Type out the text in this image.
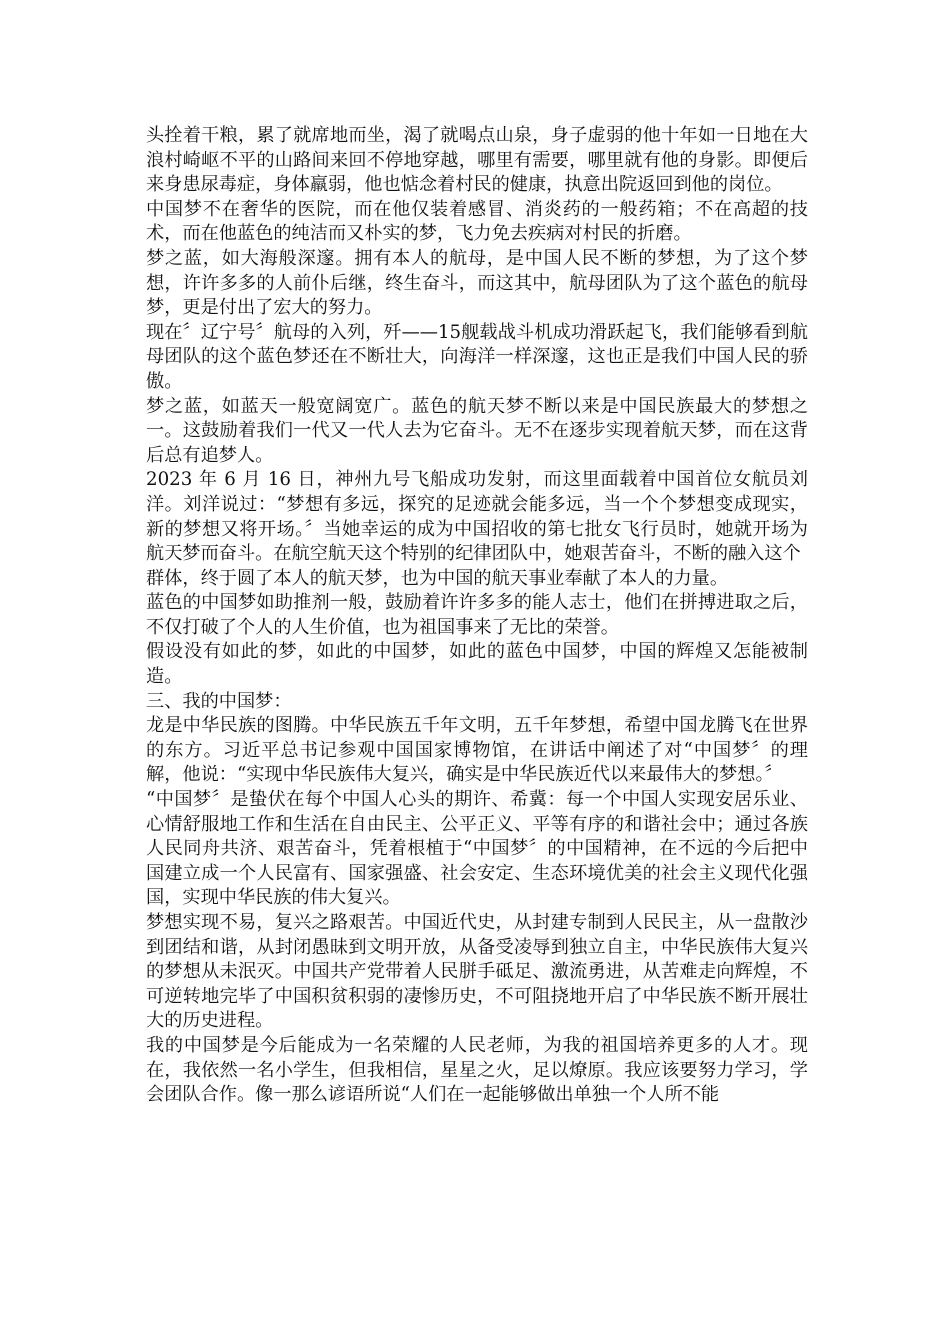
头拴着干粮，累了就席地而坐，渴了就喝点山泉，身子虚弱的他十年如一日地在大浪村崎岖不平的山路间来回不停地穿越，哪里有需要，哪里就有他的身影。即便后来身患尿毒症，身体羸弱，他也惦念着村民的健康，执意出院返回到他的岗位。

中国梦不在奢华的医院，而在他仅装着感冒、消炎药的一般药箱；不在高超的技术，而在他蓝色的纯洁而又朴实的梦，飞力免去疾病对村民的折磨。

梦之蓝，如大海般深邃。拥有本人的航母，是中国人民不断的梦想，为了这个梦想，许许多多的人前仆后继，终生奋斗，而这其中，航母团队为了这个蓝色的航母梦，更是付出了宏大的努力。

现在〞辽宁号〞航母的入列，歼——15舰载战斗机成功滑跃起飞，我们能够看到航母团队的这个蓝色梦还在不断壮大，向海洋一样深邃，这也正是我们中国人民的骄傲。

梦之蓝，如蓝天一般宽阔宽广。蓝色的航天梦不断以来是中国民族最大的梦想之一。这鼓励着我们一代又一代人去为它奋斗。无不在逐步实现着航天梦，而在这背后总有追梦人。

2023 年 6 月 16 日，神州九号飞船成功发射，而这里面载着中国首位女航员刘洋。刘洋说过：“梦想有多远，探究的足迹就会能多远，当一个个梦想变成现实，新的梦想又将开场。〞当她幸运的成为中国招收的第七批女飞行员时，她就开场为航天梦而奋斗。在航空航天这个特别的纪律团队中，她艰苦奋斗，不断的融入这个

群体，终于圆了本人的航天梦，也为中国的航天事业奉献了本人的力量。

蓝色的中国梦如助推剂一般，鼓励着许许多多的能人志士，他们在拼搏进取之后，不仅打破了个人的人生价值，也为祖国事来了无比的荣誉。

假设没有如此的梦，如此的中国梦，如此的蓝色中国梦，中国的辉煌又怎能被制造。

三、我的中国梦：

龙是中华民族的图腾。中华民族五千年文明，五千年梦想，希望中国龙腾飞在世界的东方。习近平总书记参观中国国家博物馆，在讲话中阐述了对“中国梦〞的理解，他说：“实现中华民族伟大复兴，确实是中华民族近代以来最伟大的梦想。〞

“中国梦〞是蛰伏在每个中国人心头的期许、希冀：每一个中国人实现安居乐业、心情舒服地工作和生活在自由民主、公平正义、平等有序的和谐社会中；通过各族人民同舟共济、艰苦奋斗，凭着根植于“中国梦〞的中国精神，在不远的今后把中国建立成一个人民富有、国家强盛、社会安定、生态环境优美的社会主义现代化强国，实现中华民族的伟大复兴。

梦想实现不易，复兴之路艰苦。中国近代史，从封建专制到人民民主，从一盘散沙到团结和谐，从封闭愚昧到文明开放，从备受凌辱到独立自主，中华民族伟大复兴的梦想从未泯灭。中国共产党带着人民胼手砥足、激流勇进，从苦难走向辉煌，不可逆转地完毕了中国积贫积弱的凄惨历史，不可阻挠地开启了中华民族不断开展壮大的历史进程。

我的中国梦是今后能成为一名荣耀的人民老师，为我的祖国培养更多的人才。现在，我依然一名小学生，但我相信，星星之火，足以燎原。我应该要努力学习，学会团队合作。像一那么谚语所说“人们在一起能够做出单独一个人所不能
